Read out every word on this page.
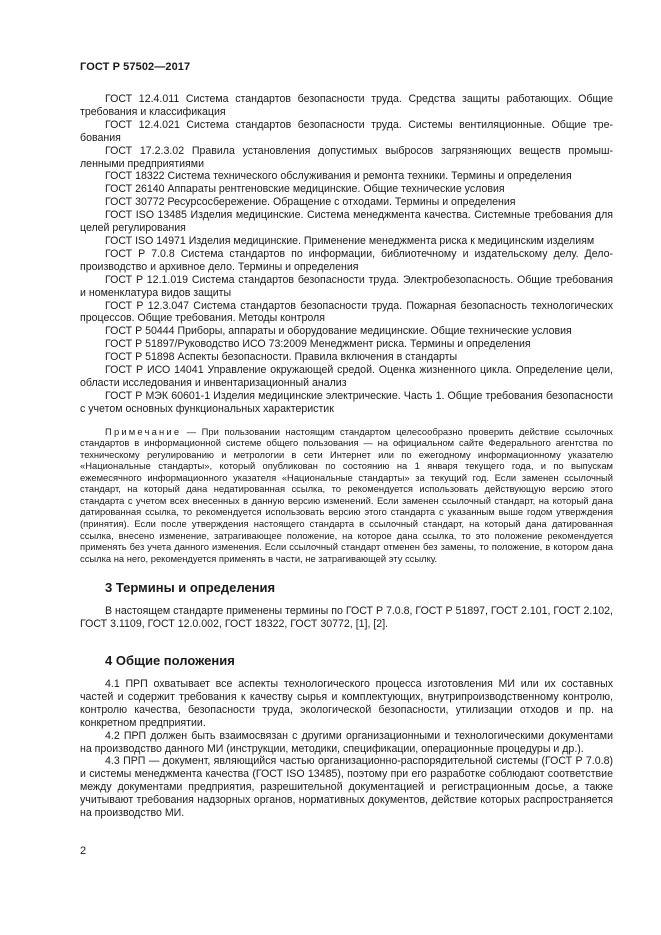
ГОСТ Р 57502—2017

ГОСТ 12.4.011 Система стандартов безопасности труда. Средства защиты работающих. Общие требования и классификация

ГОСТ 12.4.021 Система стандартов безопасности труда. Системы вентиляционные. Общие требования

ГОСТ 17.2.3.02 Правила установления допустимых выбросов загрязняющих веществ промышленными предприятиями

ГОСТ 18322 Система технического обслуживания и ремонта техники. Термины и определения

ГОСТ 26140 Аппараты рентгеновские медицинские. Общие технические условия

ГОСТ 30772 Ресурсосбережение. Обращение с отходами. Термины и определения

ГОСТ ISO 13485 Изделия медицинские. Система менеджмента качества. Системные требования для целей регулирования

ГОСТ ISO 14971 Изделия медицинские. Применение менеджмента риска к медицинским изделиям

ГОСТ Р 7.0.8 Система стандартов по информации, библиотечному и издательскому делу. Делопроизводство и архивное дело. Термины и определения

ГОСТ Р 12.1.019 Система стандартов безопасности труда. Электробезопасность. Общие требования и номенклатура видов защиты

ГОСТ Р 12.3.047 Система стандартов безопасности труда. Пожарная безопасность технологических процессов. Общие требования. Методы контроля

ГОСТ Р 50444 Приборы, аппараты и оборудование медицинские. Общие технические условия

ГОСТ Р 51897/Руководство ИСО 73:2009 Менеджмент риска. Термины и определения

ГОСТ Р 51898 Аспекты безопасности. Правила включения в стандарты

ГОСТ Р ИСО 14041 Управление окружающей средой. Оценка жизненного цикла. Определение цели, области исследования и инвентаризационный анализ

ГОСТ Р МЭК 60601-1 Изделия медицинские электрические. Часть 1. Общие требования безопасности с учетом основных функциональных характеристик

Примечание — При пользовании настоящим стандартом целесообразно проверить действие ссылочных стандартов в информационной системе общего пользования — на официальном сайте Федерального агентства по техническому регулированию и метрологии в сети Интернет или по ежегодному информационному указателю «Национальные стандарты», который опубликован по состоянию на 1 января текущего года, и по выпускам ежемесячного информационного указателя «Национальные стандарты» за текущий год. Если заменен ссылочный стандарт, на который дана недатированная ссылка, то рекомендуется использовать действующую версию этого стандарта с учетом всех внесенных в данную версию изменений. Если заменен ссылочный стандарт, на который дана датированная ссылка, то рекомендуется использовать версию этого стандарта с указанным выше годом утверждения (принятия). Если после утверждения настоящего стандарта в ссылочный стандарт, на который дана датированная ссылка, внесено изменение, затрагивающее положение, на которое дана ссылка, то это положение рекомендуется применять без учета данного изменения. Если ссылочный стандарт отменен без замены, то положение, в котором дана ссылка на него, рекомендуется применять в части, не затрагивающей эту ссылку.

3 Термины и определения

В настоящем стандарте применены термины по ГОСТ Р 7.0.8, ГОСТ Р 51897, ГОСТ 2.101, ГОСТ 2.102, ГОСТ 3.1109, ГОСТ 12.0.002, ГОСТ 18322, ГОСТ 30772, [1], [2].

4 Общие положения

4.1 ПРП охватывает все аспекты технологического процесса изготовления МИ или их составных частей и содержит требования к качеству сырья и комплектующих, внутрипроизводственному контролю, контролю качества, безопасности труда, экологической безопасности, утилизации отходов и пр. на конкретном предприятии.

4.2 ПРП должен быть взаимосвязан с другими организационными и технологическими документами на производство данного МИ (инструкции, методики, спецификации, операционные процедуры и др.).

4.3 ПРП — документ, являющийся частью организационно-распорядительной системы (ГОСТ Р 7.0.8) и системы менеджмента качества (ГОСТ ISO 13485), поэтому при его разработке соблюдают соответствие между документами предприятия, разрешительной документацией и регистрационным досье, а также учитывают требования надзорных органов, нормативных документов, действие которых распространяется на производство МИ.

2
